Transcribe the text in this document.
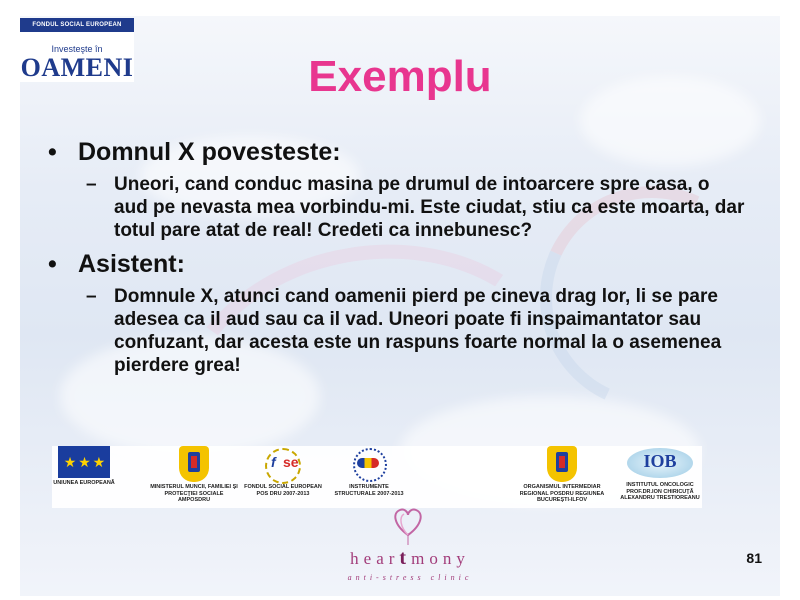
FONDUL SOCIAL EUROPEAN
Investeşte în
OAMENI	Exemplu

• Domnul X povesteste:

– Uneori, cand conduc masina pe drumul de intoarcere spre casa, o aud pe nevasta mea vorbindu-mi. Este ciudat, stiu ca este moarta, dar totul pare atat de real! Credeti ca innebunesc?

• Asistent:

– Domnule X, atunci cand oamenii pierd pe cineva drag lor, li se pare adesea ca il aud sau ca il vad. Uneori poate fi inspaimantator sau confuzant, dar acesta este un raspuns foarte normal la o asemenea pierdere grea!
★ ★ ★
UNIUNEA EUROPEANĂ
MINISTERUL MUNCII, FAMILIEI ŞI PROTECŢIEI SOCIALE AMPOSDRU
f se
FONDUL SOCIAL EUROPEAN POS DRU 2007-2013
INSTRUMENTE STRUCTURALE 2007-2013
ORGANISMUL INTERMEDIAR REGIONAL POSDRU REGIUNEA BUCUREŞTI-ILFOV
IOB
INSTITUTUL ONCOLOGIC PROF.DR.ION CHIRICUŢĂ ALEXANDRU TRESTIOREANU
heartmony
anti-stress clinic
81
